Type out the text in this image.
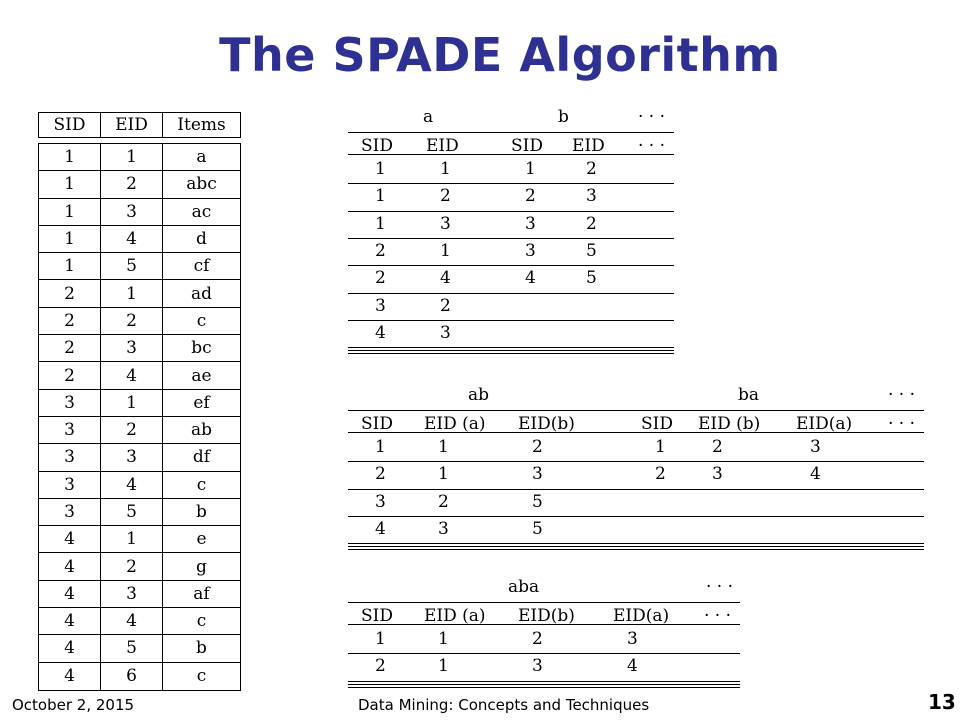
The SPADE Algorithm
SID	EID	Items
1	1	a
1	2	abc
1	3	ac
1	4	d
1	5	cf
2	1	ad
2	2	c
2	3	bc
2	4	ae
3	1	ef
3	2	ab
3	3	df
3	4	c
3	5	b
4	1	e
4	2	g
4	3	af
4	4	c
4	5	b
4	6	c
a	b	· · ·
SID EID	SID EID · · ·
1	1	1	2
1	2	2	3
1	3	3	2
2	1	3	5
2	4	4	5
3	2
4	3
ab	ba	· · ·
SID EID (a) EID(b)	SID EID (b) EID(a) · · ·
1	1	2	1	2	3
2	1	3	2	3	4
3	2	5
4	3	5
aba	· · ·
SID EID (a) EID(b) EID(a) · · ·
1	1	2	3
2	1	3	4
October 2, 2015	Data Mining: Concepts and Techniques	13
